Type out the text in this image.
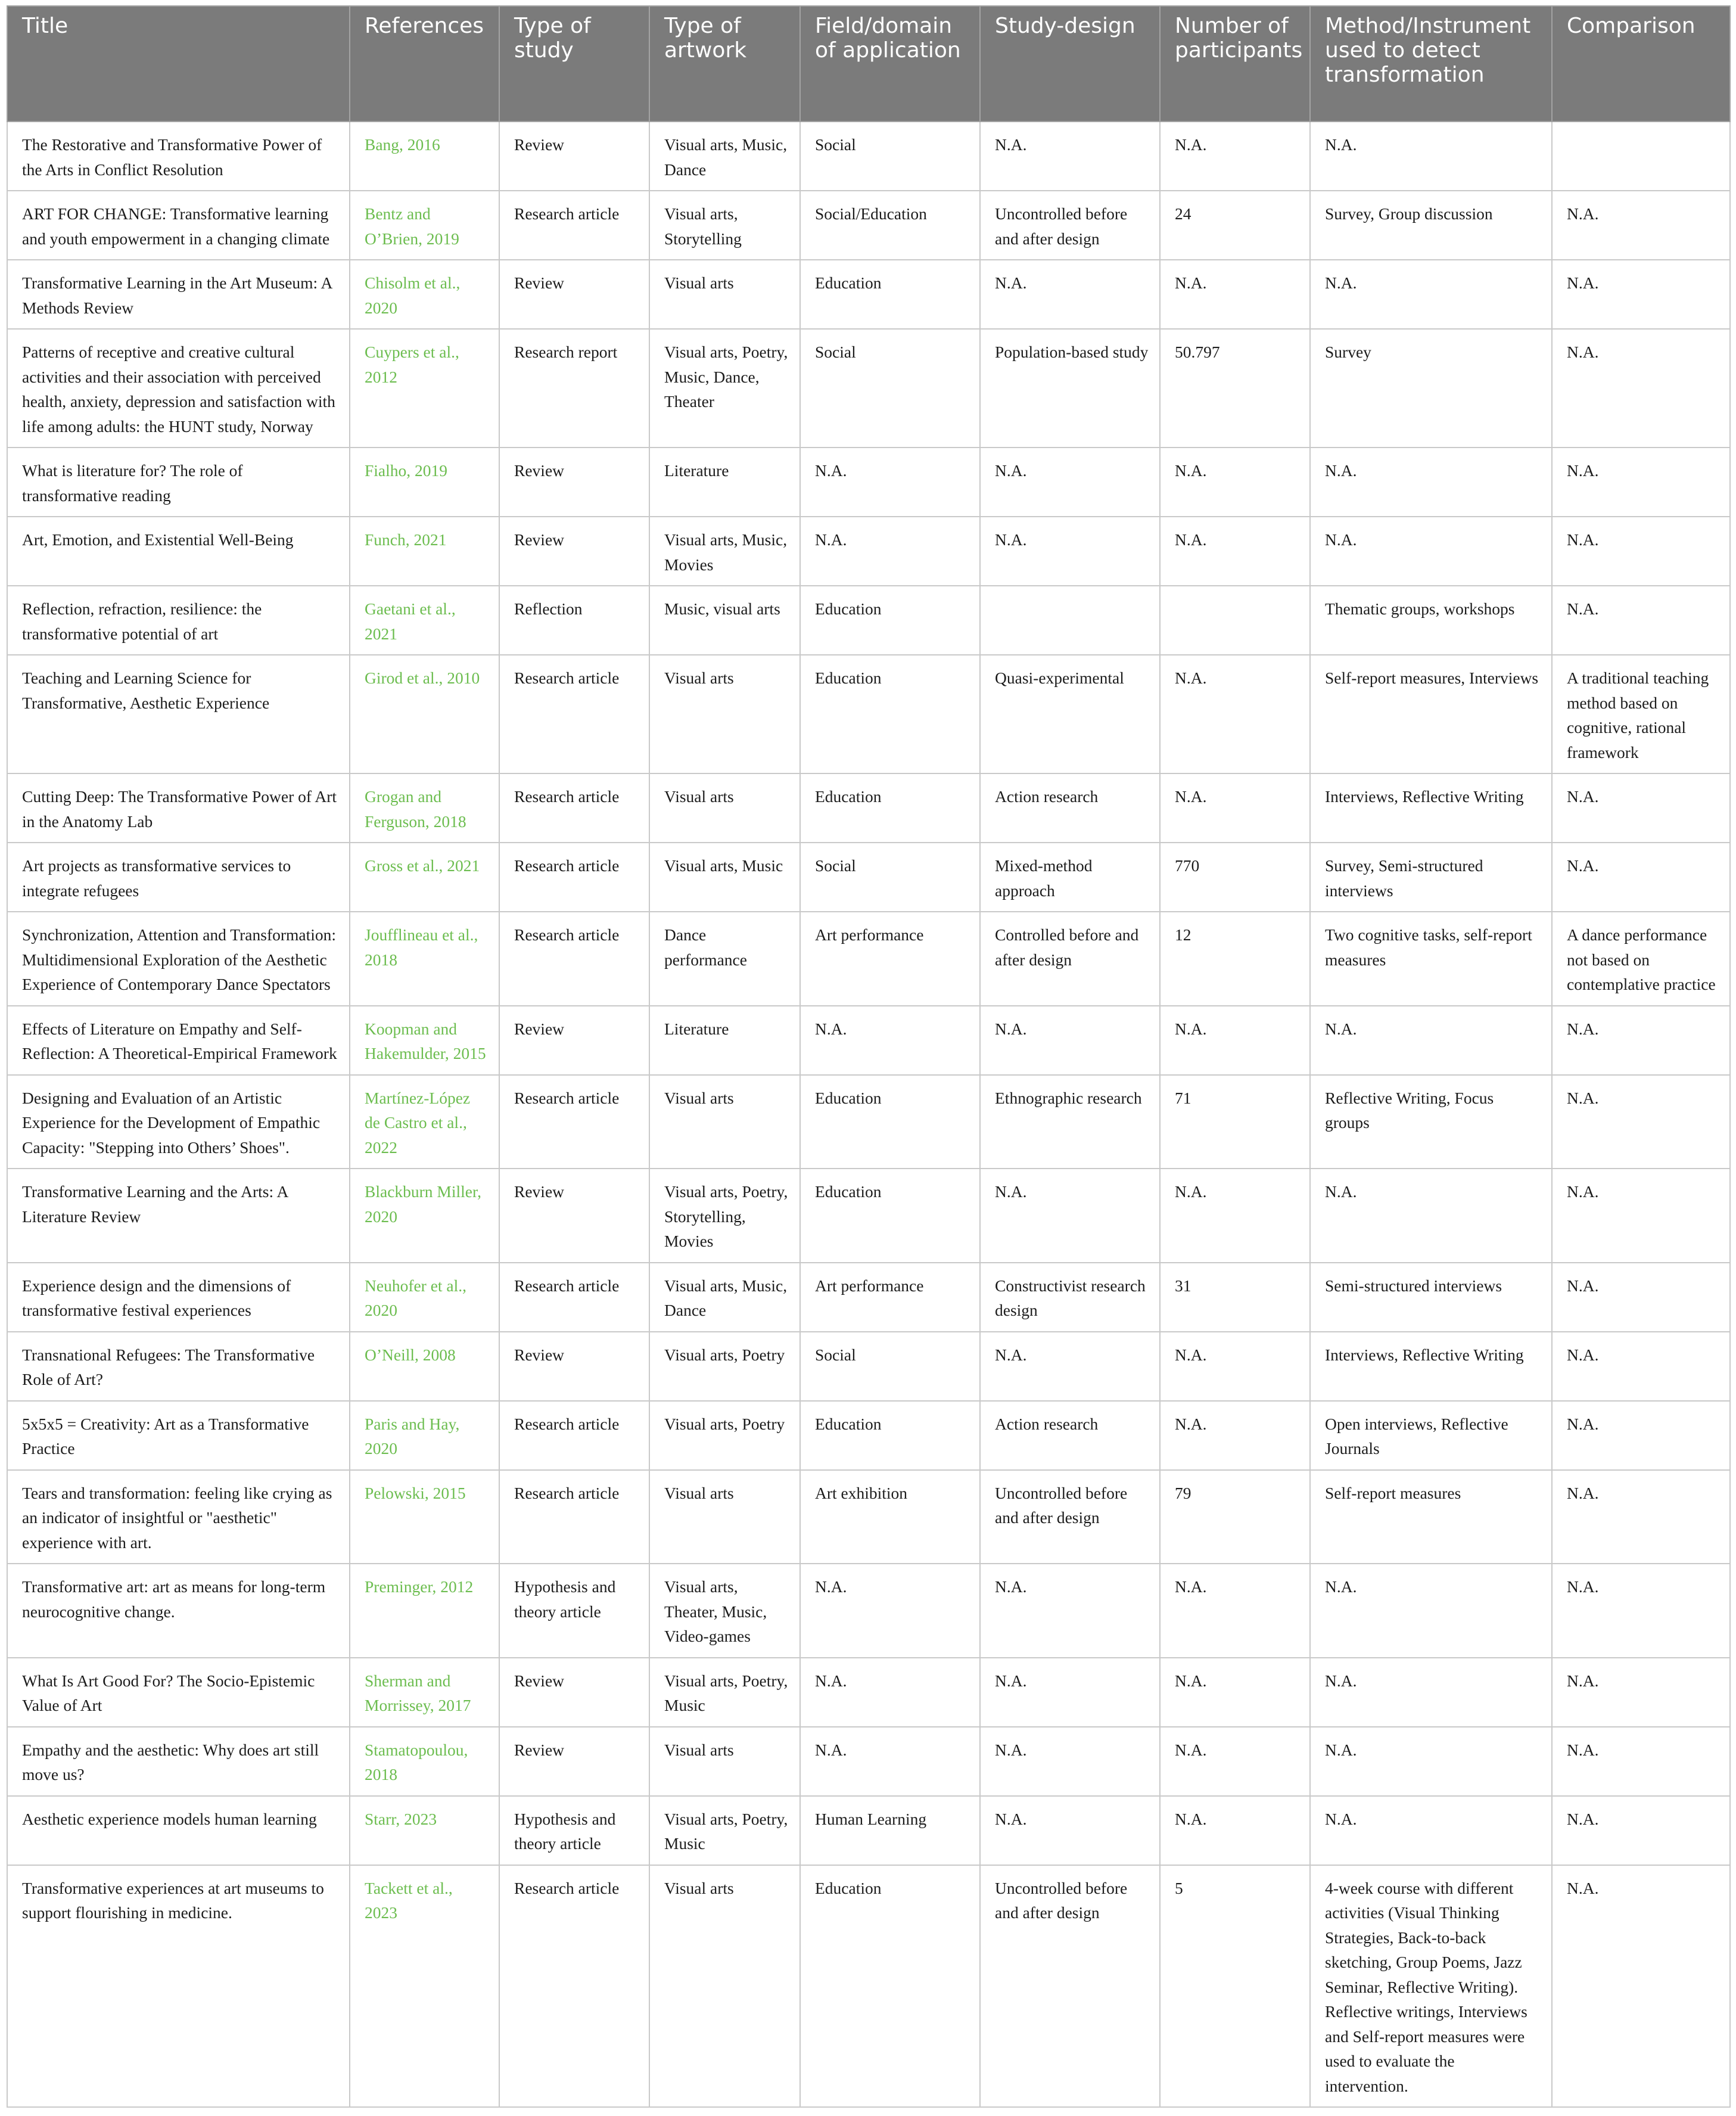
Title	References	Type of study	Type of artwork	Field/domain of application	Study-design	Number of participants	Method/Instrument used to detect transformation	Comparison
The Restorative and Transformative Power of the Arts in Conflict Resolution	Bang, 2016	Review	Visual arts, Music, Dance	Social	N.A.	N.A.	N.A.	
ART FOR CHANGE: Transformative learning and youth empowerment in a changing climate	Bentz and O’Brien, 2019	Research article	Visual arts, Storytelling	Social/Education	Uncontrolled before and after design	24	Survey, Group discussion	N.A.
Transformative Learning in the Art Museum: A Methods Review	Chisolm et al., 2020	Review	Visual arts	Education	N.A.	N.A.	N.A.	N.A.
Patterns of receptive and creative cultural activities and their association with perceived health, anxiety, depression and satisfaction with life among adults: the HUNT study, Norway	Cuypers et al., 2012	Research report	Visual arts, Poetry, Music, Dance, Theater	Social	Population-based study	50.797	Survey	N.A.
What is literature for? The role of transformative reading	Fialho, 2019	Review	Literature	N.A.	N.A.	N.A.	N.A.	N.A.
Art, Emotion, and Existential Well-Being	Funch, 2021	Review	Visual arts, Music, Movies	N.A.	N.A.	N.A.	N.A.	N.A.
Reflection, refraction, resilience: the transformative potential of art	Gaetani et al., 2021	Reflection	Music, visual arts	Education			Thematic groups, workshops	N.A.
Teaching and Learning Science for Transformative, Aesthetic Experience	Girod et al., 2010	Research article	Visual arts	Education	Quasi-experimental	N.A.	Self-report measures, Interviews	A traditional teaching method based on cognitive, rational framework
Cutting Deep: The Transformative Power of Art in the Anatomy Lab	Grogan and Ferguson, 2018	Research article	Visual arts	Education	Action research	N.A.	Interviews, Reflective Writing	N.A.
Art projects as transformative services to integrate refugees	Gross et al., 2021	Research article	Visual arts, Music	Social	Mixed-method approach	770	Survey, Semi-structured interviews	N.A.
Synchronization, Attention and Transformation: Multidimensional Exploration of the Aesthetic Experience of Contemporary Dance Spectators	Joufflineau et al., 2018	Research article	Dance performance	Art performance	Controlled before and after design	12	Two cognitive tasks, self-report measures	A dance performance not based on contemplative practice
Effects of Literature on Empathy and Self-Reflection: A Theoretical-Empirical Framework	Koopman and Hakemulder, 2015	Review	Literature	N.A.	N.A.	N.A.	N.A.	N.A.
Designing and Evaluation of an Artistic Experience for the Development of Empathic Capacity: "Stepping into Others’ Shoes".	Martínez-López de Castro et al., 2022	Research article	Visual arts	Education	Ethnographic research	71	Reflective Writing, Focus groups	N.A.
Transformative Learning and the Arts: A Literature Review	Blackburn Miller, 2020	Review	Visual arts, Poetry, Storytelling, Movies	Education	N.A.	N.A.	N.A.	N.A.
Experience design and the dimensions of transformative festival experiences	Neuhofer et al., 2020	Research article	Visual arts, Music, Dance	Art performance	Constructivist research design	31	Semi-structured interviews	N.A.
Transnational Refugees: The Transformative Role of Art?	O’Neill, 2008	Review	Visual arts, Poetry	Social	N.A.	N.A.	Interviews, Reflective Writing	N.A.
5x5x5 = Creativity: Art as a Transformative Practice	Paris and Hay, 2020	Research article	Visual arts, Poetry	Education	Action research	N.A.	Open interviews, Reflective Journals	N.A.
Tears and transformation: feeling like crying as an indicator of insightful or "aesthetic" experience with art.	Pelowski, 2015	Research article	Visual arts	Art exhibition	Uncontrolled before and after design	79	Self-report measures	N.A.
Transformative art: art as means for long-term neurocognitive change.	Preminger, 2012	Hypothesis and theory article	Visual arts, Theater, Music, Video-games	N.A.	N.A.	N.A.	N.A.	N.A.
What Is Art Good For? The Socio-Epistemic Value of Art	Sherman and Morrissey, 2017	Review	Visual arts, Poetry, Music	N.A.	N.A.	N.A.	N.A.	N.A.
Empathy and the aesthetic: Why does art still move us?	Stamatopoulou, 2018	Review	Visual arts	N.A.	N.A.	N.A.	N.A.	N.A.
Aesthetic experience models human learning	Starr, 2023	Hypothesis and theory article	Visual arts, Poetry, Music	Human Learning	N.A.	N.A.	N.A.	N.A.
Transformative experiences at art museums to support flourishing in medicine.	Tackett et al., 2023	Research article	Visual arts	Education	Uncontrolled before and after design	5	4-week course with different activities (Visual Thinking Strategies, Back-to-back sketching, Group Poems, Jazz Seminar, Reflective Writing). Reflective writings, Interviews and Self-report measures were used to evaluate the intervention.	N.A.
